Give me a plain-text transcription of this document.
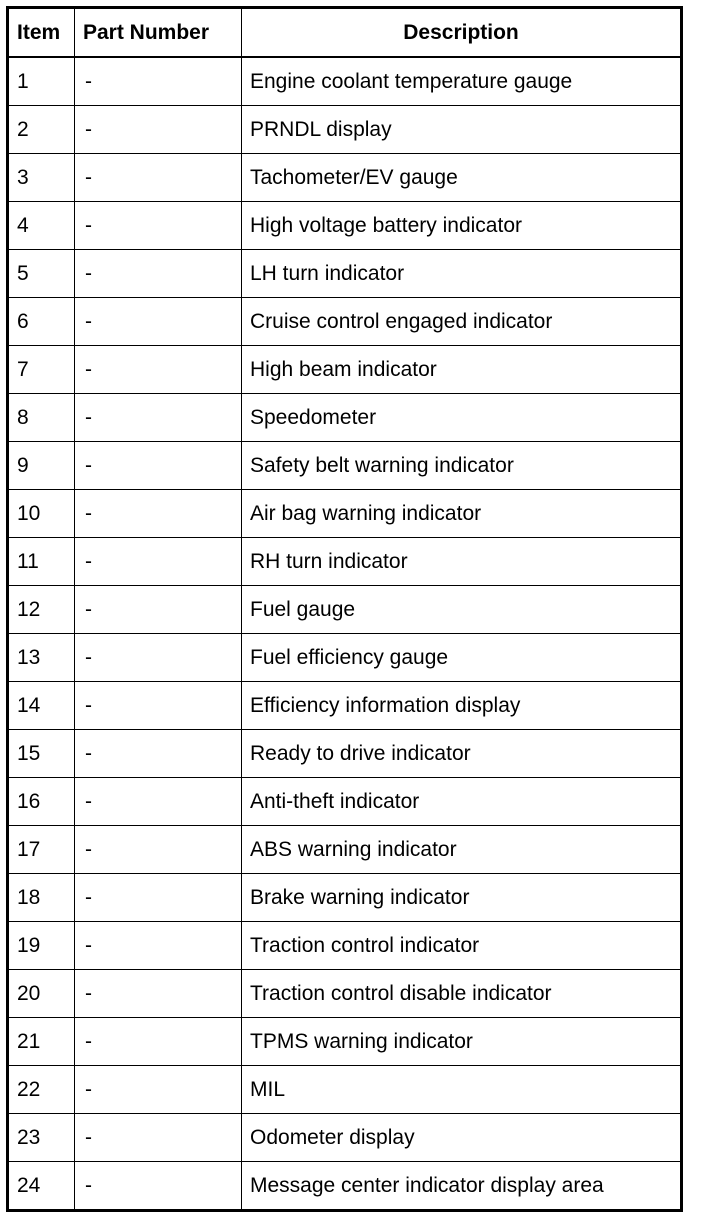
Item	Part Number	Description
1	-	Engine coolant temperature gauge
2	-	PRNDL display
3	-	Tachometer/EV gauge
4	-	High voltage battery indicator
5	-	LH turn indicator
6	-	Cruise control engaged indicator
7	-	High beam indicator
8	-	Speedometer
9	-	Safety belt warning indicator
10	-	Air bag warning indicator
11	-	RH turn indicator
12	-	Fuel gauge
13	-	Fuel efficiency gauge
14	-	Efficiency information display
15	-	Ready to drive indicator
16	-	Anti-theft indicator
17	-	ABS warning indicator
18	-	Brake warning indicator
19	-	Traction control indicator
20	-	Traction control disable indicator
21	-	TPMS warning indicator
22	-	MIL
23	-	Odometer display
24	-	Message center indicator display area
